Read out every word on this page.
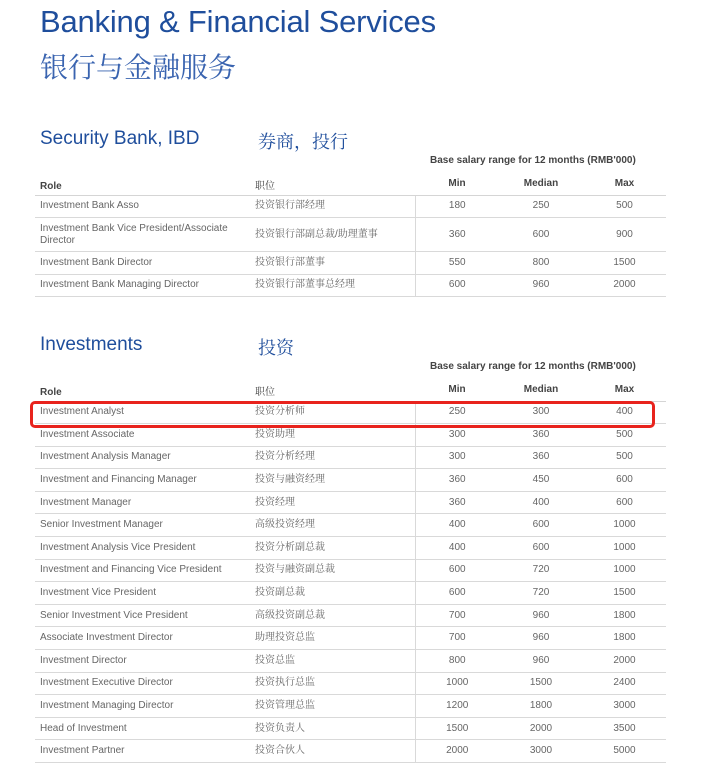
Banking & Financial Services
银行与金融服务
Security Bank, IBD	券商，投行
Base salary range for 12 months (RMB'000)
Role	职位	Min	Median	Max
Investment Bank Asso	投资银行部经理	180	250	500
Investment Bank Vice President/Associate Director	投资银行部副总裁/助理董事	360	600	900
Investment Bank Director	投资银行部董事	550	800	1500
Investment Bank Managing Director	投资银行部董事总经理	600	960	2000
Investments	投资
Base salary range for 12 months (RMB'000)
Role	职位	Min	Median	Max
Investment Analyst	投资分析师	250	300	400
Investment Associate	投资助理	300	360	500
Investment Analysis Manager	投资分析经理	300	360	500
Investment and Financing Manager	投资与融资经理	360	450	600
Investment Manager	投资经理	360	400	600
Senior Investment Manager	高级投资经理	400	600	1000
Investment Analysis Vice President	投资分析副总裁	400	600	1000
Investment and Financing Vice President	投资与融资副总裁	600	720	1000
Investment Vice President	投资副总裁	600	720	1500
Senior Investment Vice President	高级投资副总裁	700	960	1800
Associate Investment Director	助理投资总监	700	960	1800
Investment Director	投资总监	800	960	2000
Investment Executive Director	投资执行总监	1000	1500	2400
Investment Managing Director	投资管理总监	1200	1800	3000
Head of Investment	投资负责人	1500	2000	3500
Investment Partner	投资合伙人	2000	3000	5000
